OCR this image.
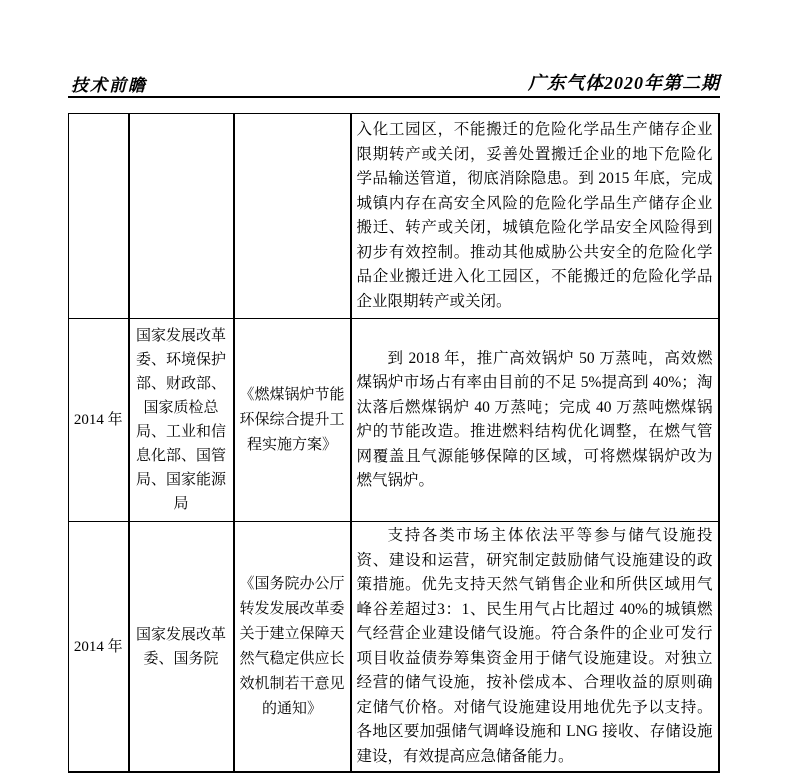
技术前瞻	广东气体2020年第二期
			入化工园区，不能搬迁的危险化学品生产储存企业限期转产或关闭，妥善处置搬迁企业的地下危险化学品输送管道，彻底消除隐患。到 2015 年底，完成城镇内存在高安全风险的危险化学品生产储存企业搬迁、转产或关闭，城镇危险化学品安全风险得到初步有效控制。推动其他威胁公共安全的危险化学品企业搬迁进入化工园区，不能搬迁的危险化学品企业限期转产或关闭。
2014 年	国家发展改革委、环境保护部、财政部、国家质检总局、工业和信息化部、国管局、国家能源局	《燃煤锅炉节能环保综合提升工程实施方案》	到 2018 年，推广高效锅炉 50 万蒸吨，高效燃煤锅炉市场占有率由目前的不足 5%提高到 40%；淘汰落后燃煤锅炉 40 万蒸吨；完成 40 万蒸吨燃煤锅炉的节能改造。推进燃料结构优化调整，在燃气管网覆盖且气源能够保障的区域，可将燃煤锅炉改为燃气锅炉。
2014 年	国家发展改革委、国务院	《国务院办公厅转发发展改革委关于建立保障天然气稳定供应长效机制若干意见的通知》	支持各类市场主体依法平等参与储气设施投资、建设和运营，研究制定鼓励储气设施建设的政策措施。优先支持天然气销售企业和所供区域用气峰谷差超过3：1、民生用气占比超过 40%的城镇燃气经营企业建设储气设施。符合条件的企业可发行项目收益债券筹集资金用于储气设施建设。对独立经营的储气设施，按补偿成本、合理收益的原则确定储气价格。对储气设施建设用地优先予以支持。各地区要加强储气调峰设施和 LNG 接收、存储设施建设，有效提高应急储备能力。
